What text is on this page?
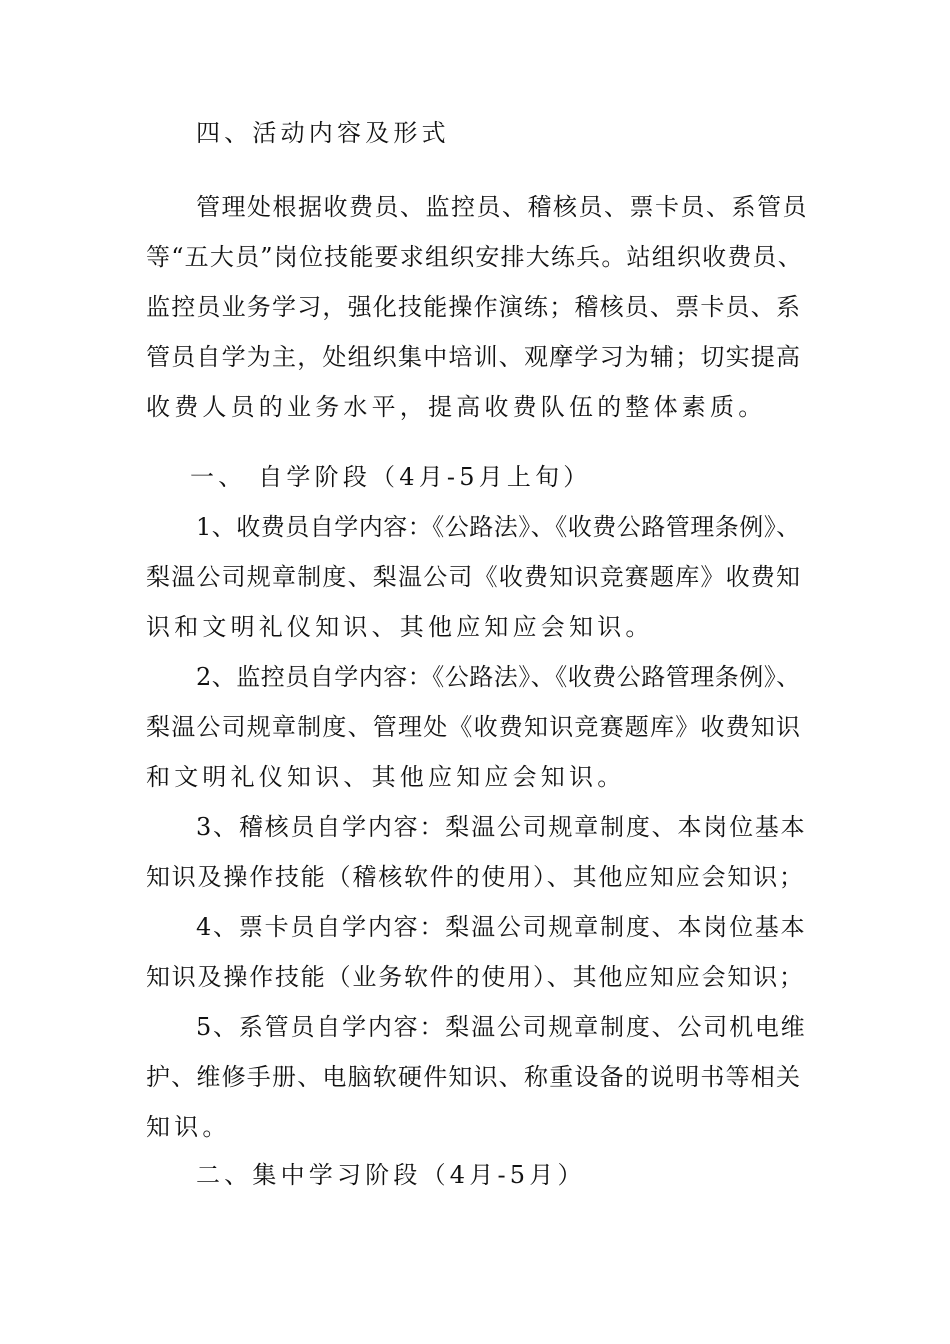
四、活动内容及形式
管理处根据收费员、监控员、稽核员、票卡员、系管员
等“五大员”岗位技能要求组织安排大练兵。站组织收费员、
监控员业务学习，强化技能操作演练；稽核员、票卡员、系
管员自学为主，处组织集中培训、观摩学习为辅；切实提高
收费人员的业务水平，提高收费队伍的整体素质。
一、 自学阶段（4月-5月上旬）
1、收费员自学内容：《公路法》、《收费公路管理条例》、
梨温公司规章制度、梨温公司《收费知识竞赛题库》收费知
识和文明礼仪知识、其他应知应会知识。
2、监控员自学内容：《公路法》、《收费公路管理条例》、
梨温公司规章制度、管理处《收费知识竞赛题库》收费知识
和文明礼仪知识、其他应知应会知识。
3、稽核员自学内容：梨温公司规章制度、本岗位基本
知识及操作技能（稽核软件的使用）、其他应知应会知识；
4、票卡员自学内容：梨温公司规章制度、本岗位基本
知识及操作技能（业务软件的使用）、其他应知应会知识；
5、系管员自学内容：梨温公司规章制度、公司机电维
护、维修手册、电脑软硬件知识、称重设备的说明书等相关
知识。
二、集中学习阶段（4月-5月）
